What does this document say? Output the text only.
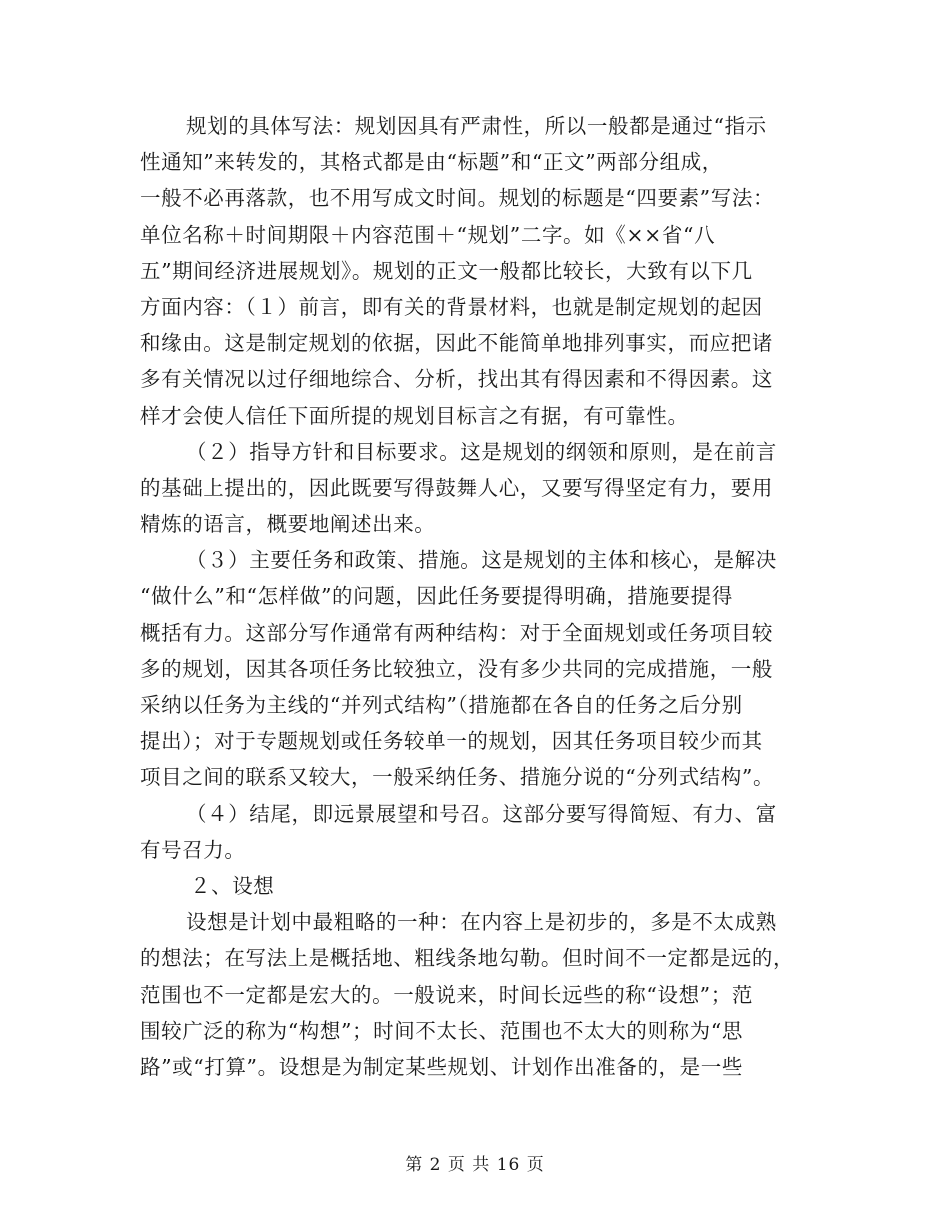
规划的具体写法：规划因具有严肃性，所以一般都是通过“指示
性通知”来转发的，其格式都是由“标题”和“正文”两部分组成，
一般不必再落款，也不用写成文时间。规划的标题是“四要素”写法：
单位名称＋时间期限＋内容范围＋“规划”二字。如《××省“八
五”期间经济进展规划》。规划的正文一般都比较长，大致有以下几
方面内容：（１）前言，即有关的背景材料，也就是制定规划的起因
和缘由。这是制定规划的依据，因此不能简单地排列事实，而应把诸
多有关情况以过仔细地综合、分析，找出其有得因素和不得因素。这
样才会使人信任下面所提的规划目标言之有据，有可靠性。
（２）指导方针和目标要求。这是规划的纲领和原则，是在前言
的基础上提出的，因此既要写得鼓舞人心，又要写得坚定有力，要用
精炼的语言，概要地阐述出来。
（３）主要任务和政策、措施。这是规划的主体和核心，是解决
“做什么”和“怎样做”的问题，因此任务要提得明确，措施要提得
概括有力。这部分写作通常有两种结构：对于全面规划或任务项目较
多的规划，因其各项任务比较独立，没有多少共同的完成措施，一般
采纳以任务为主线的“并列式结构”（措施都在各自的任务之后分别
提出）；对于专题规划或任务较单一的规划，因其任务项目较少而其
项目之间的联系又较大，一般采纳任务、措施分说的“分列式结构”。
（４）结尾，即远景展望和号召。这部分要写得简短、有力、富
有号召力。
２、设想
设想是计划中最粗略的一种：在内容上是初步的，多是不太成熟
的想法；在写法上是概括地、粗线条地勾勒。但时间不一定都是远的，
范围也不一定都是宏大的。一般说来，时间长远些的称“设想”；范
围较广泛的称为“构想”；时间不太长、范围也不太大的则称为“思
路”或“打算”。设想是为制定某些规划、计划作出准备的，是一些
第 2 页 共 16 页
